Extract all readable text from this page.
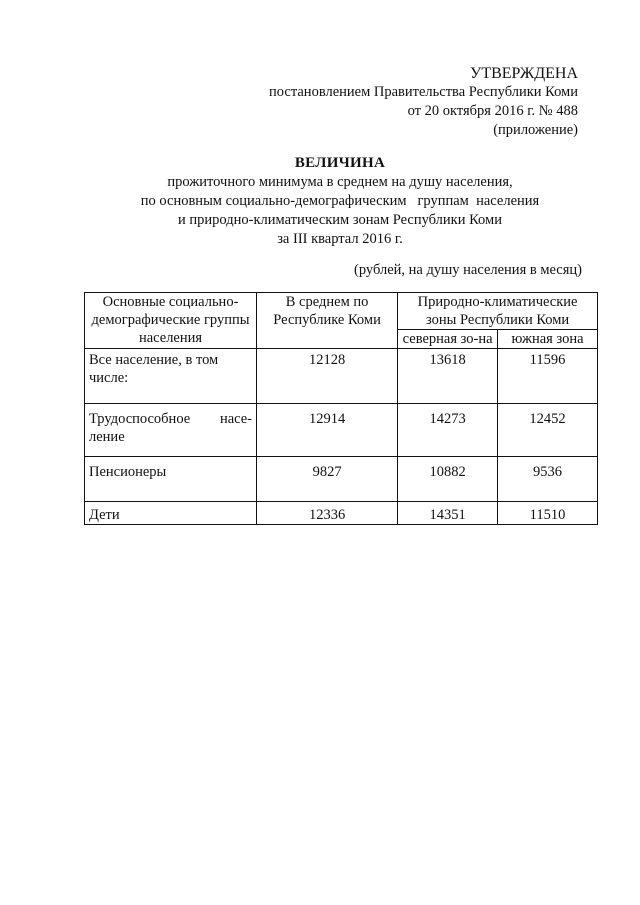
УТВЕРЖДЕНА
постановлением Правительства Республики Коми
от 20 октября 2016 г. № 488
(приложение)
ВЕЛИЧИНА
прожиточного минимума в среднем на душу населения,
по основным социально-демографическим   группам  населения
и природно-климатическим зонам Республики Коми
за III квартал 2016 г.
(рублей, на душу населения в месяц)
Основные социально-демографические группы населения	В среднем по Республике Коми	Природно-климатические зоны Республики Коми	
		северная зо-на	южная зона
Все население, в том числе:	12128	13618	11596

Трудоспособное насе-
ление	12914	14273	12452
Пенсионеры	9827	10882	9536
Дети	12336	14351	11510
